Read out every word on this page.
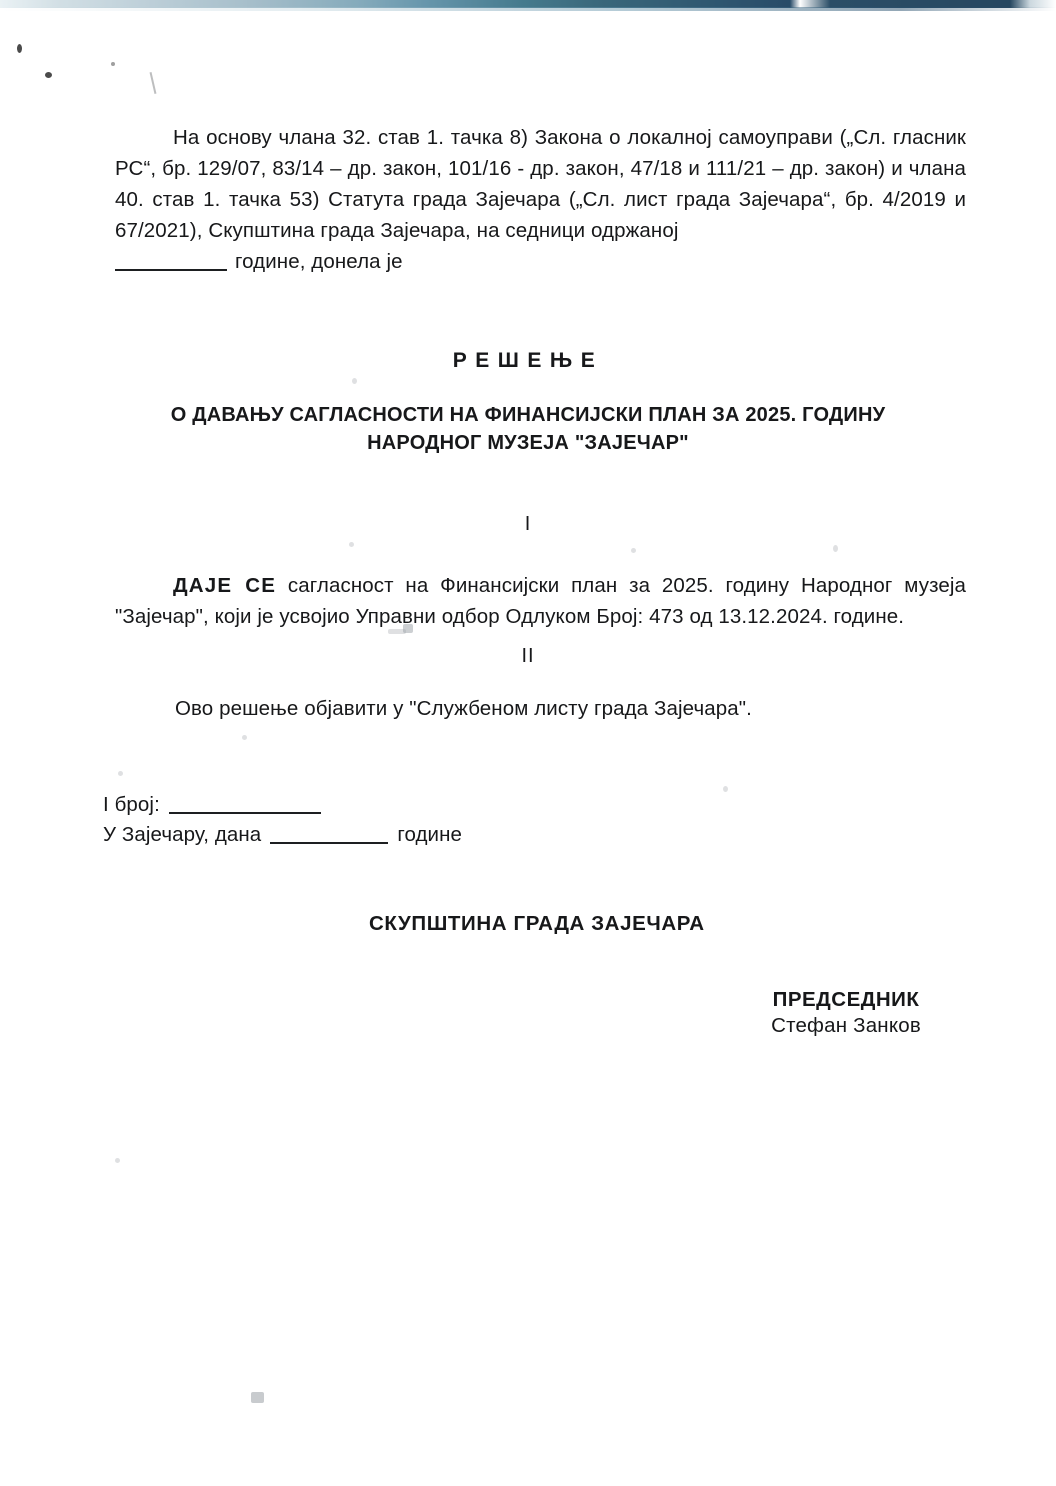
На основу члана 32. став 1. тачка 8) Закона о локалној самоуправи („Сл. гласник РС“, бр. 129/07, 83/14 – др. закон, 101/16 - др. закон, 47/18 и 111/21 – др. закон) и члана 40. став 1. тачка 53) Статута града Зајечара („Сл. лист града Зајечара“, бр. 4/2019 и 67/2021), Скупштина града Зајечара, на седници одржаној
године, донела је
РЕШЕЊЕ
О ДАВАЊУ САГЛАСНОСТИ НА ФИНАНСИЈСКИ ПЛАН ЗА 2025. ГОДИНУ
НАРОДНОГ МУЗЕЈА "ЗАЈЕЧАР"
I
ДАЈЕ СЕ сагласност на Финансијски план за 2025. годину Народног музеја "Зајечар", који је усвојио Управни одбор Одлуком Број: 473 од 13.12.2024. године.
II
Ово решење објавити у "Службеном листу града Зајечара".
I број:
У Зајечару, дана	године
СКУПШТИНА ГРАДА ЗАЈЕЧАРА
ПРЕДСЕДНИК
Стефан Занков
